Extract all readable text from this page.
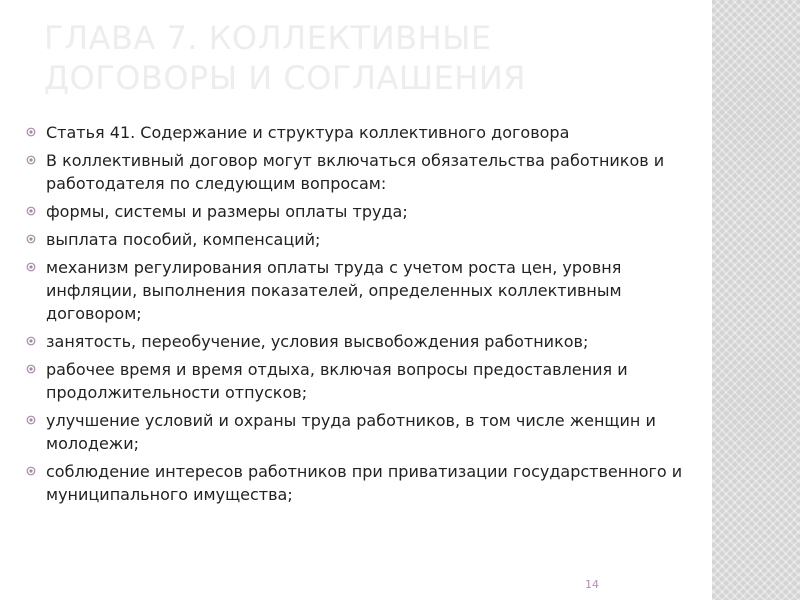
ГЛАВА 7. КОЛЛЕКТИВНЫЕ ДОГОВОРЫ И СОГЛАШЕНИЯ
Статья 41. Содержание и структура коллективного договора
В коллективный договор могут включаться обязательства работников и работодателя по следующим вопросам:
формы, системы и размеры оплаты труда;
выплата пособий, компенсаций;
механизм регулирования оплаты труда с учетом роста цен, уровня инфляции, выполнения показателей, определенных коллективным договором;
занятость, переобучение, условия высвобождения работников;
рабочее время и время отдыха, включая вопросы предоставления и продолжительности отпусков;
улучшение условий и охраны труда работников, в том числе женщин и молодежи;
соблюдение интересов работников при приватизации государственного и муниципального имущества;
14
